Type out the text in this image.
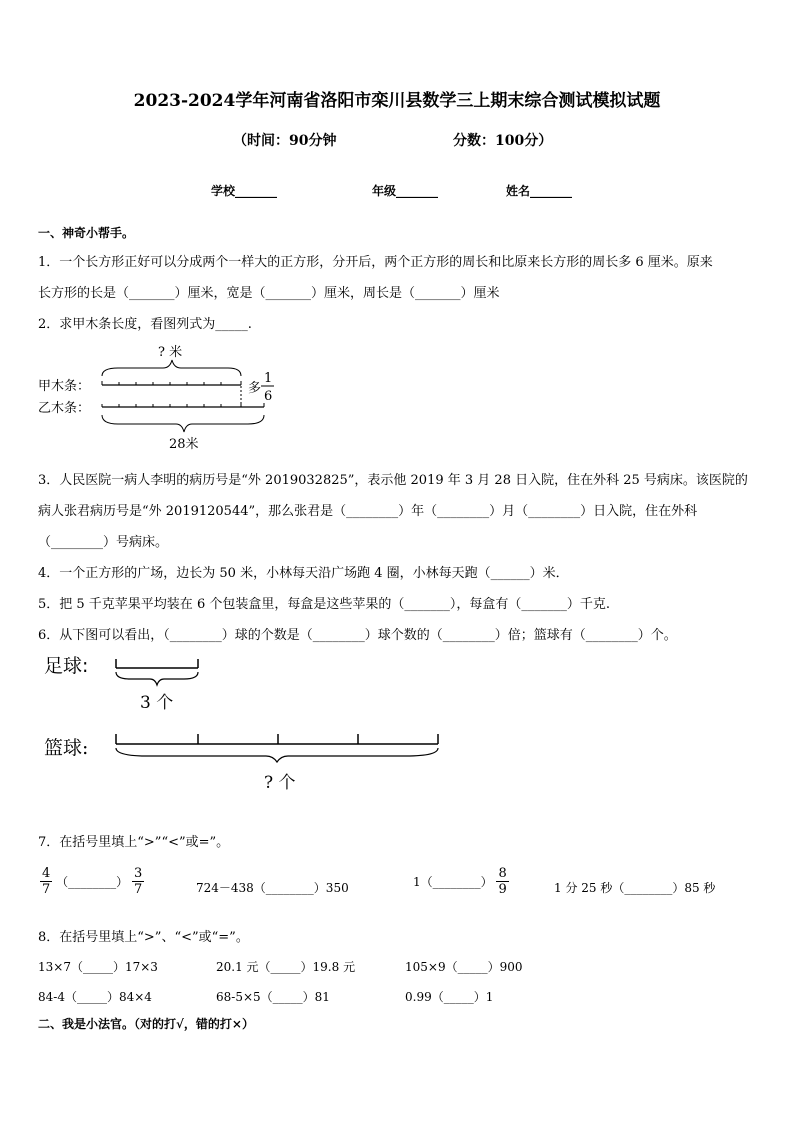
2023-2024学年河南省洛阳市栾川县数学三上期末综合测试模拟试题
（时间：90分钟	分数：100分）
学校_______	年级_______	姓名_______
一、神奇小帮手。
1．一个长方形正好可以分成两个一样大的正方形，分开后，两个正方形的周长和比原来长方形的周长多 6 厘米。原来
长方形的长是（_______）厘米，宽是（_______）厘米，周长是（_______）厘米
2．求甲木条长度，看图列式为_____.
? 米
甲木条：
乙木条：
多
1
6
28米
3．人民医院一病人李明的病历号是“外 2019032825”，表示他 2019 年 3 月 28 日入院，住在外科 25 号病床。该医院的
病人张君病历号是“外 2019120544”，那么张君是（________）年（________）月（________）日入院，住在外科
（________）号病床。
4．一个正方形的广场，边长为 50 米，小林每天沿广场跑 4 圈，小林每天跑（______）米．
5．把 5 千克苹果平均装在 6 个包装盒里，每盒是这些苹果的（_______），每盒有（_______）千克.
6．从下图可以看出，（________）球的个数是（________）球个数的（________）倍；篮球有（________）个。
足球:
3 个
篮球:
? 个
7．在括号里填上“>”“<”或=”。
$\frac{4}{7}$ （________） $\frac{3}{7}$	724－438（________）350	1（________） $\frac{8}{9}$	1 分 25 秒（________）85 秒
8．在括号里填上“>”、“<”或“=”。
13×7（_____）17×3	20.1 元（_____）19.8 元	105×9（_____）900
84-4（_____）84×4	68-5×5（_____）81	0.99（_____）1
二、我是小法官。（对的打√，错的打×）
